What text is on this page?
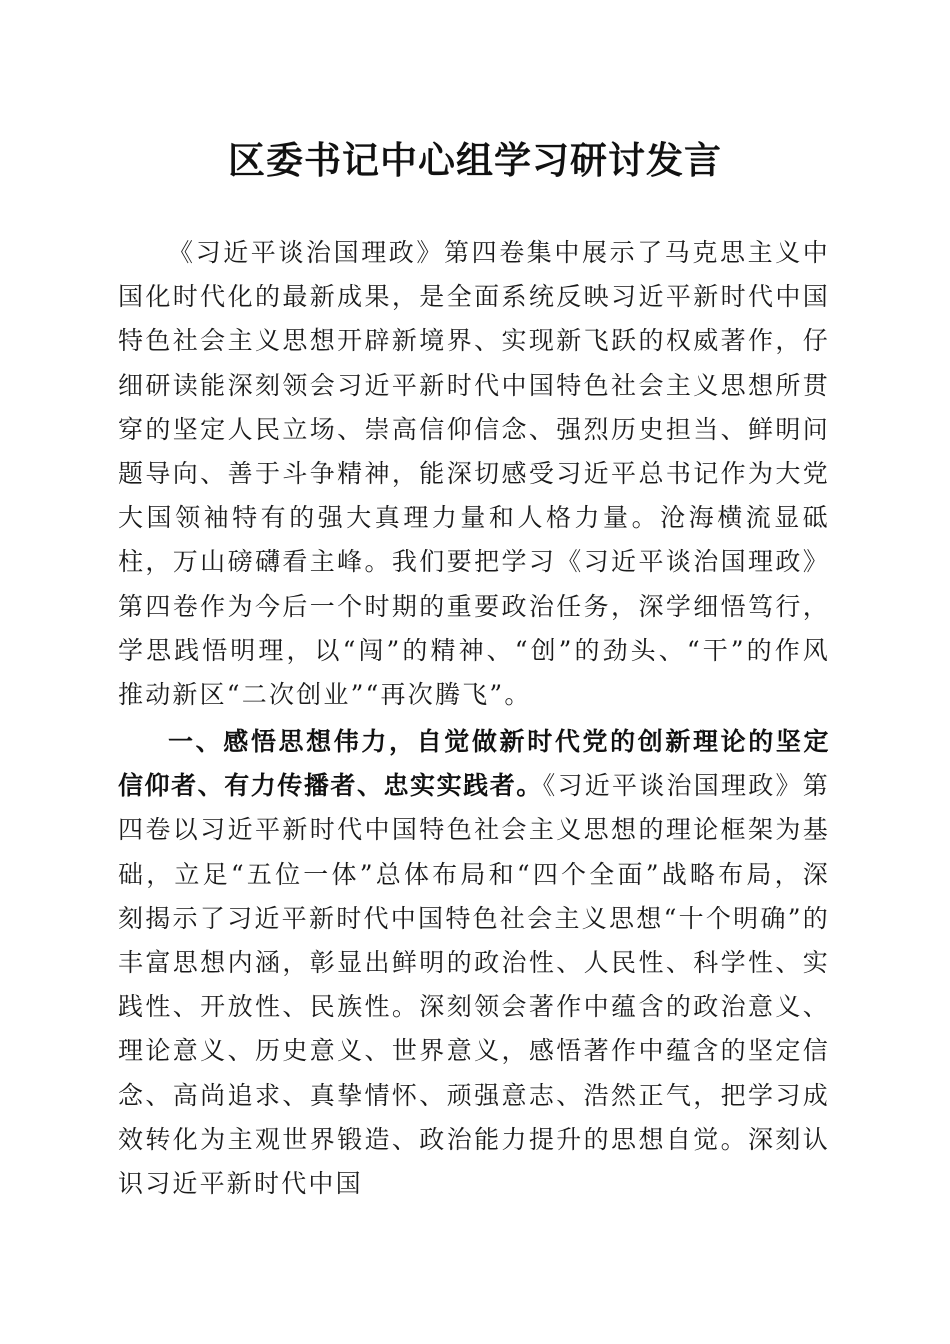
区委书记中心组学习研讨发言

《习近平谈治国理政》第四卷集中展示了马克思主义中国化时代化的最新成果，是全面系统反映习近平新时代中国特色社会主义思想开辟新境界、实现新飞跃的权威著作，仔细研读能深刻领会习近平新时代中国特色社会主义思想所贯穿的坚定人民立场、崇高信仰信念、强烈历史担当、鲜明问题导向、善于斗争精神，能深切感受习近平总书记作为大党大国领袖特有的强大真理力量和人格力量。沧海横流显砥柱，万山磅礴看主峰。我们要把学习《习近平谈治国理政》第四卷作为今后一个时期的重要政治任务，深学细悟笃行，学思践悟明理，以“闯”的精神、“创”的劲头、“干”的作风推动新区“二次创业”“再次腾飞”。

一、感悟思想伟力，自觉做新时代党的创新理论的坚定信仰者、有力传播者、忠实实践者。《习近平谈治国理政》第四卷以习近平新时代中国特色社会主义思想的理论框架为基础，立足“五位一体”总体布局和“四个全面”战略布局，深刻揭示了习近平新时代中国特色社会主义思想“十个明确”的丰富思想内涵，彰显出鲜明的政治性、人民性、科学性、实践性、开放性、民族性。深刻领会著作中蕴含的政治意义、理论意义、历史意义、世界意义，感悟著作中蕴含的坚定信念、高尚追求、真挚情怀、顽强意志、浩然正气，把学习成效转化为主观世界锻造、政治能力提升的思想自觉。深刻认识习近平新时代中国
